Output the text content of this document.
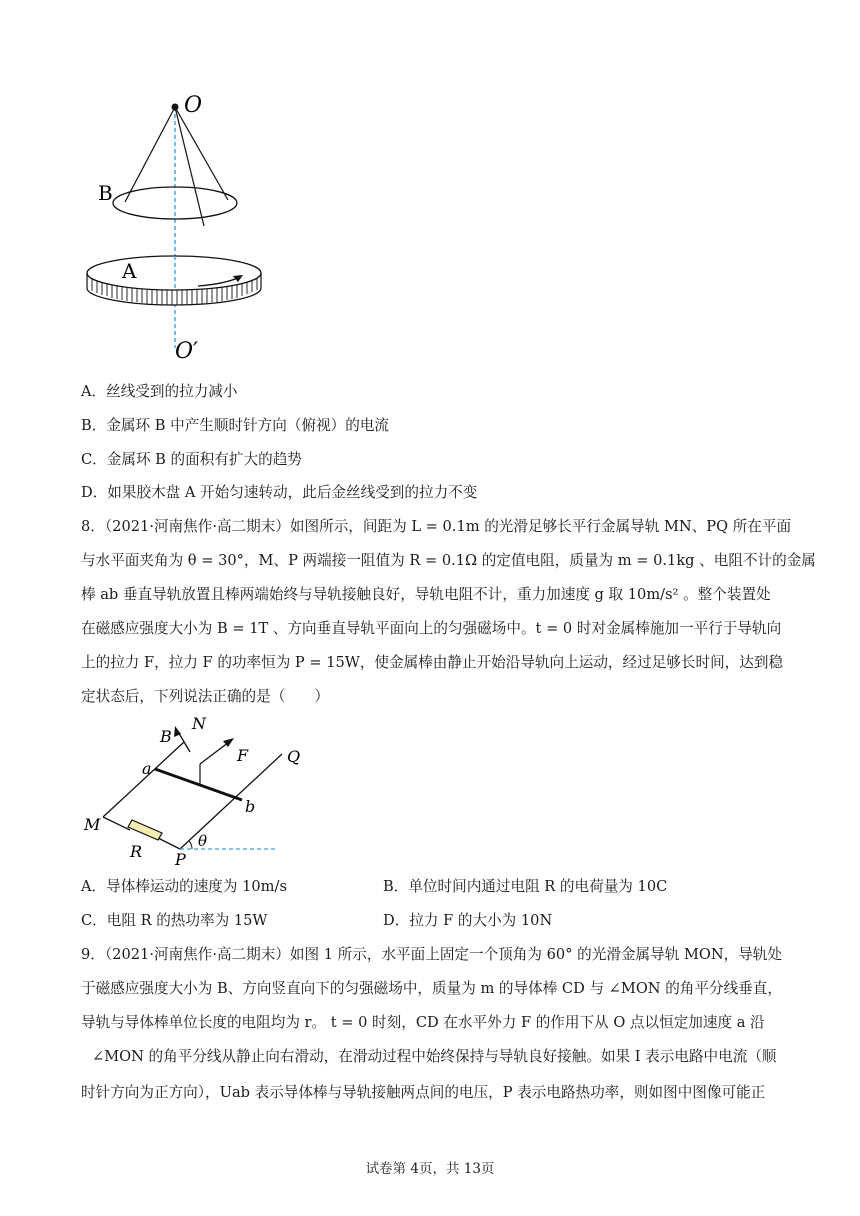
O
B
A
O′
A．丝线受到的拉力减小
B．金属环 B 中产生顺时针方向（俯视）的电流
C．金属环 B 的面积有扩大的趋势
D．如果胶木盘 A 开始匀速转动，此后金丝线受到的拉力不变
8．（2021·河南焦作·高二期末）如图所示，间距为 L = 0.1m 的光滑足够长平行金属导轨 MN、PQ 所在平面
与水平面夹角为 θ = 30°，M、P 两端接一阻值为 R = 0.1Ω 的定值电阻，质量为 m = 0.1kg 、电阻不计的金属
棒 ab 垂直导轨放置且棒两端始终与导轨接触良好，导轨电阻不计，重力加速度 g 取 10m/s² 。整个装置处
在磁感应强度大小为 B = 1T 、方向垂直导轨平面向上的匀强磁场中。t = 0 时对金属棒施加一平行于导轨向
上的拉力 F，拉力 F 的功率恒为 P = 15W，使金属棒由静止开始沿导轨向上运动，经过足够长时间，达到稳
定状态后，下列说法正确的是（　　）
N
B
F Q
a
b
M
R P
θ
A．导体棒运动的速度为 10m/s	B．单位时间内通过电阻 R 的电荷量为 10C
C．电阻 R 的热功率为 15W	D．拉力 F 的大小为 10N
9．（2021·河南焦作·高二期末）如图 1 所示，水平面上固定一个顶角为 60° 的光滑金属导轨 MON，导轨处
于磁感应强度大小为 B、方向竖直向下的匀强磁场中，质量为 m 的导体棒 CD 与 ∠MON 的角平分线垂直，
导轨与导体棒单位长度的电阻均为 r。 t = 0 时刻，CD 在水平外力 F 的作用下从 O 点以恒定加速度 a 沿
∠MON 的角平分线从静止向右滑动，在滑动过程中始终保持与导轨良好接触。如果 I 表示电路中电流（顺
时针方向为正方向），Uab 表示导体棒与导轨接触两点间的电压，P 表示电路热功率，则如图中图像可能正
试卷第 4页，共 13页
